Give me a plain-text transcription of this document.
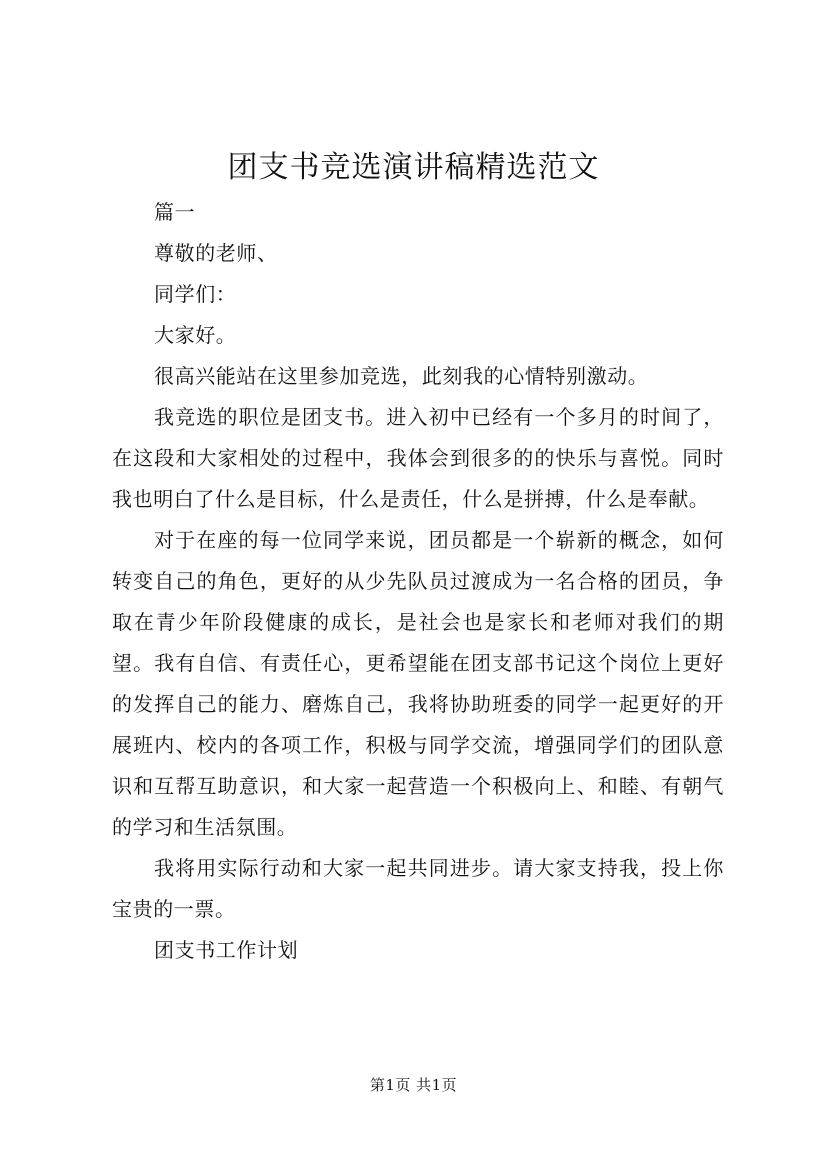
团支书竞选演讲稿精选范文

篇一

尊敬的老师、

同学们：

大家好。

很高兴能站在这里参加竞选，此刻我的心情特别激动。

我竞选的职位是团支书。进入初中已经有一个多月的时间了，在这段和大家相处的过程中，我体会到很多的的快乐与喜悦。同时我也明白了什么是目标，什么是责任，什么是拼搏，什么是奉献。

对于在座的每一位同学来说，团员都是一个崭新的概念，如何转变自己的角色，更好的从少先队员过渡成为一名合格的团员，争取在青少年阶段健康的成长，是社会也是家长和老师对我们的期望。我有自信、有责任心，更希望能在团支部书记这个岗位上更好的发挥自己的能力、磨炼自己，我将协助班委的同学一起更好的开展班内、校内的各项工作，积极与同学交流，增强同学们的团队意识和互帮互助意识，和大家一起营造一个积极向上、和睦、有朝气的学习和生活氛围。

我将用实际行动和大家一起共同进步。请大家支持我，投上你宝贵的一票。

团支书工作计划

第1页 共1页
